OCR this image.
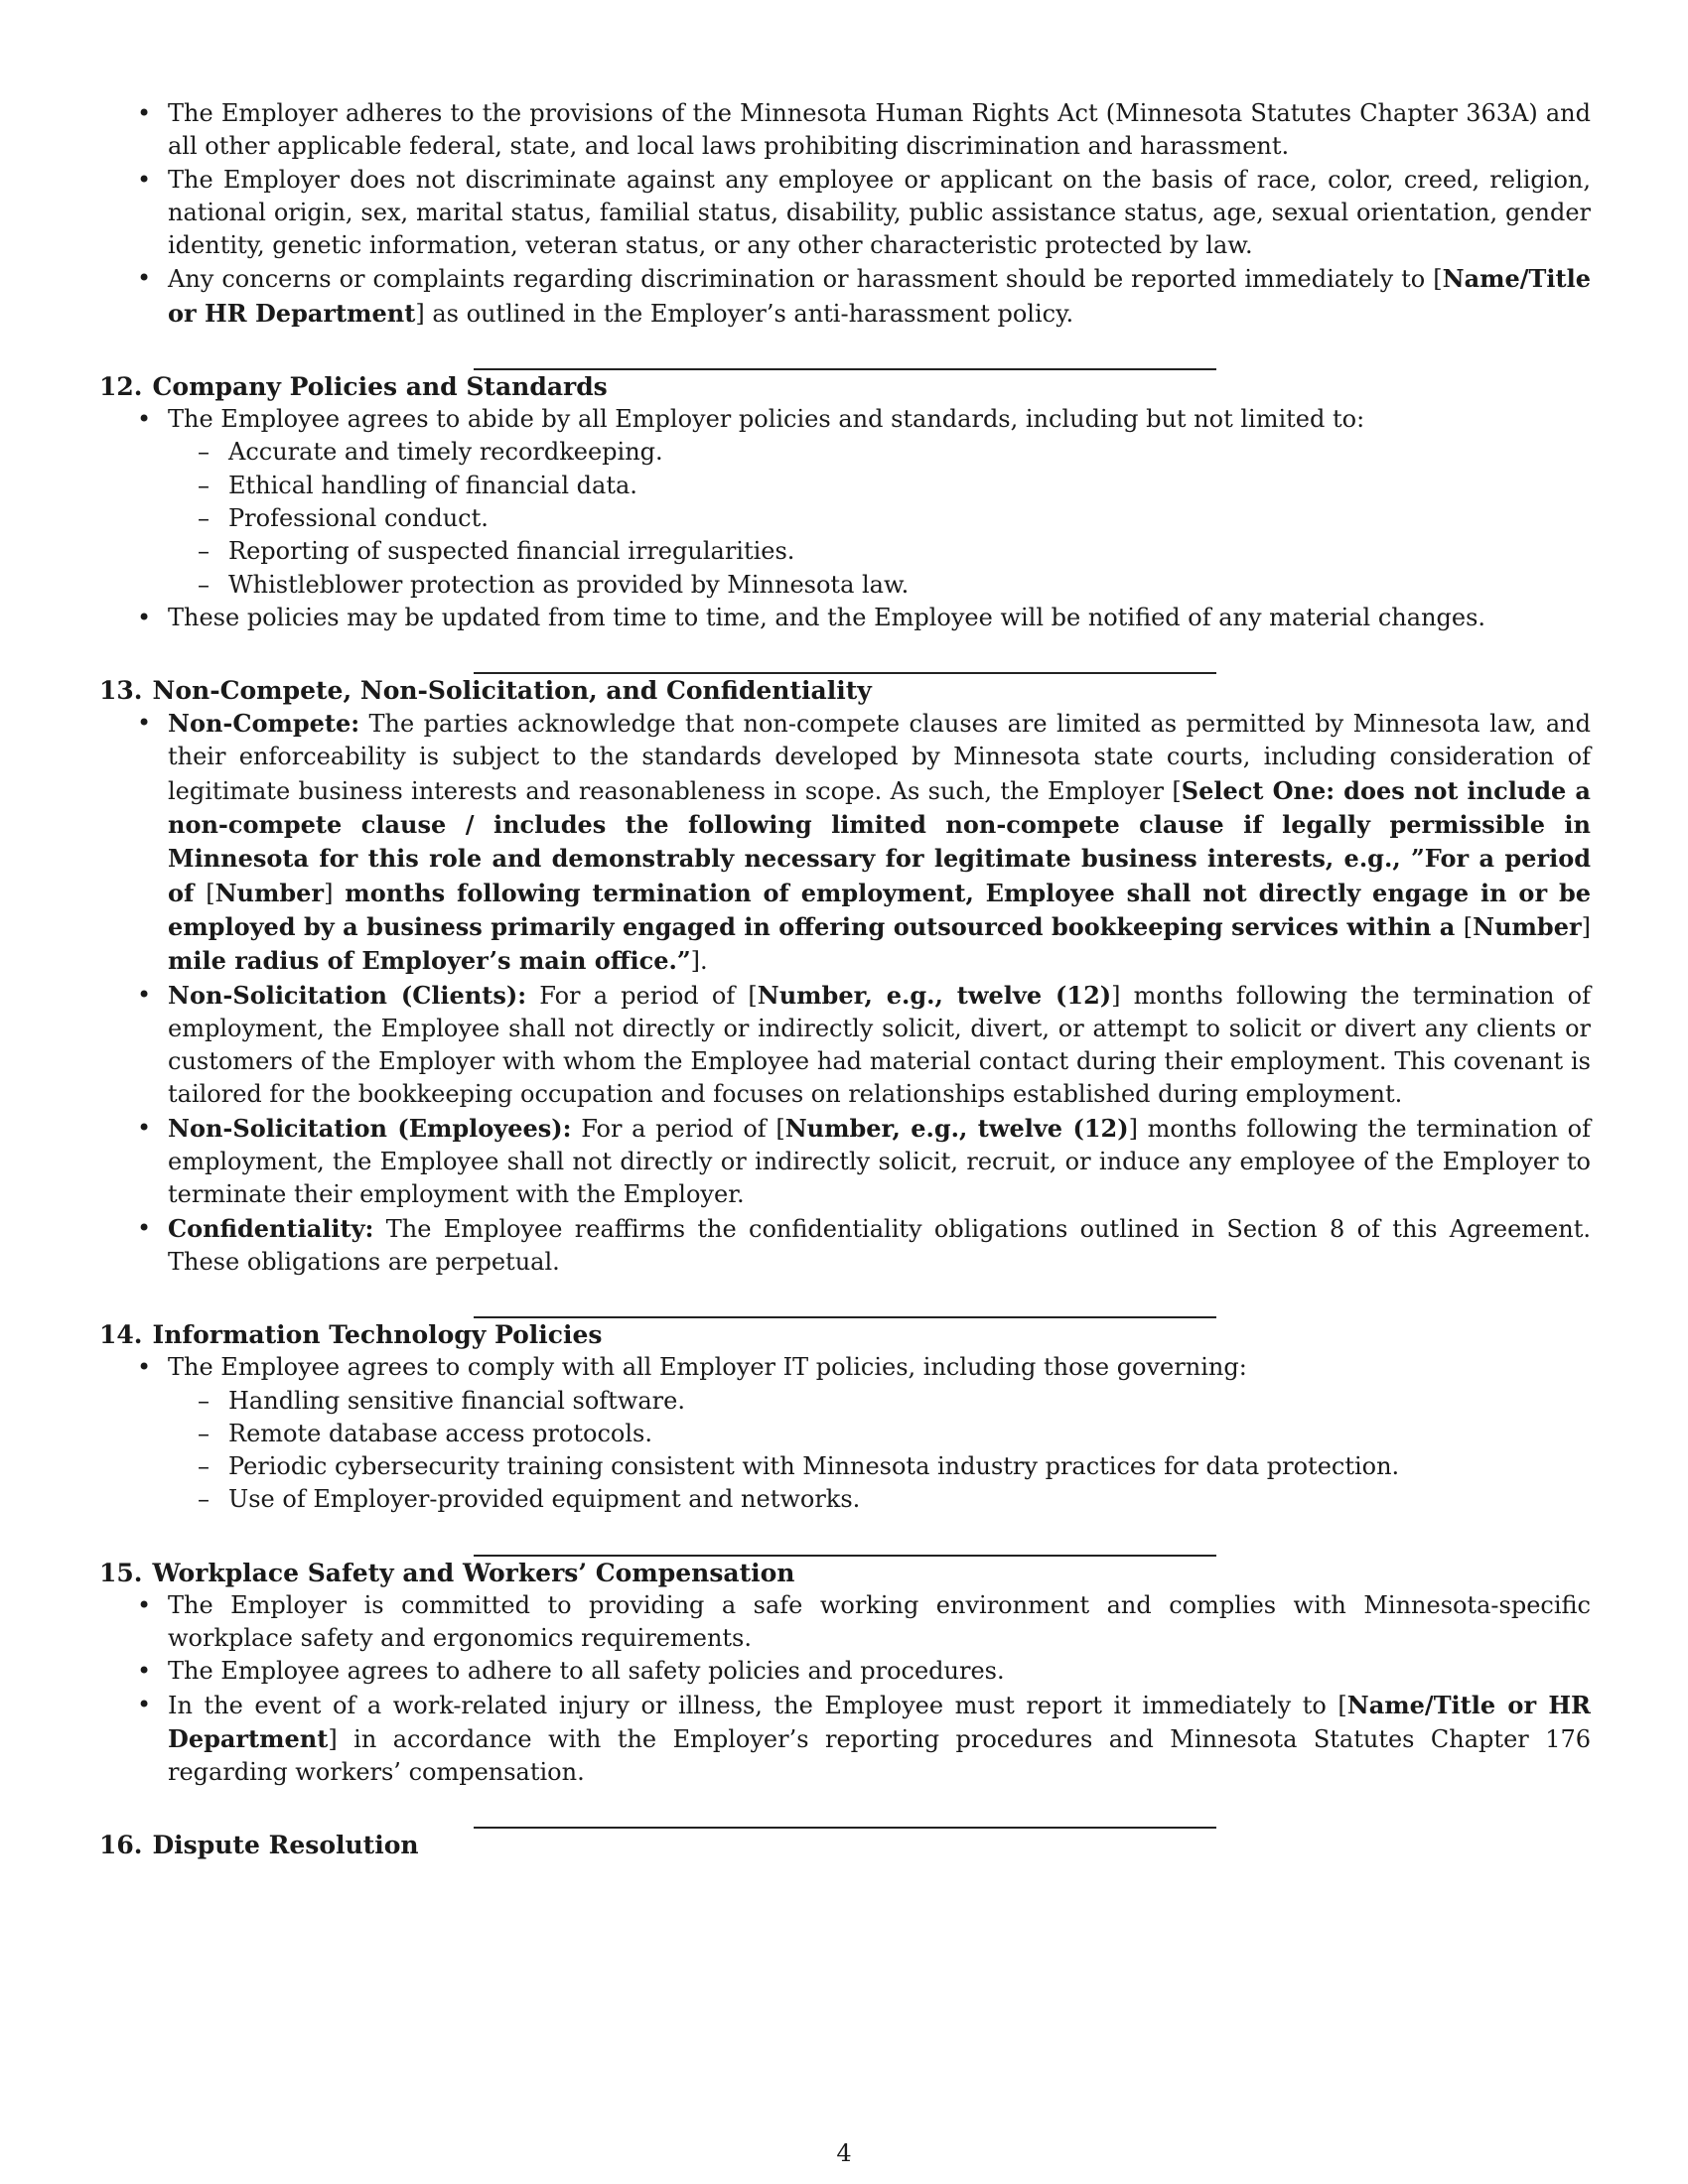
• The Employer adheres to the provisions of the Minnesota Human Rights Act (Minnesota Statutes Chapter 363A) and all other applicable federal, state, and local laws prohibiting discrimination and harassment.
• The Employer does not discriminate against any employee or applicant on the basis of race, color, creed, religion, national origin, sex, marital status, familial status, disability, public assistance status, age, sexual orientation, gender identity, genetic information, veteran status, or any other characteristic protected by law.
• Any concerns or complaints regarding discrimination or harassment should be reported immediately to [Name/Title or HR Department] as outlined in the Employer’s anti-harassment policy.
12. Company Policies and Standards
• The Employee agrees to abide by all Employer policies and standards, including but not limited to:
– Accurate and timely recordkeeping.
– Ethical handling of financial data.
– Professional conduct.
– Reporting of suspected financial irregularities.
– Whistleblower protection as provided by Minnesota law.
• These policies may be updated from time to time, and the Employee will be notified of any material changes.
13. Non-Compete, Non-Solicitation, and Confidentiality
• Non-Compete: The parties acknowledge that non-compete clauses are limited as permitted by Minnesota law, and their enforceability is subject to the standards developed by Minnesota state courts, including consideration of legitimate business interests and reasonableness in scope. As such, the Employer [Select One: does not include a non-compete clause / includes the following limited non-compete clause if legally permissible in Minnesota for this role and demonstrably necessary for legitimate business interests, e.g., ”For a period of [Number] months following termination of employment, Employee shall not directly engage in or be employed by a business primarily engaged in offering outsourced bookkeeping services within a [Number] mile radius of Employer’s main office.”].
• Non-Solicitation (Clients): For a period of [Number, e.g., twelve (12)] months following the termination of employment, the Employee shall not directly or indirectly solicit, divert, or attempt to solicit or divert any clients or customers of the Employer with whom the Employee had material contact during their employment. This covenant is tailored for the bookkeeping occupation and focuses on relationships established during employment.
• Non-Solicitation (Employees): For a period of [Number, e.g., twelve (12)] months following the termination of employment, the Employee shall not directly or indirectly solicit, recruit, or induce any employee of the Employer to terminate their employment with the Employer.
• Confidentiality: The Employee reaffirms the confidentiality obligations outlined in Section 8 of this Agreement. These obligations are perpetual.
14. Information Technology Policies
• The Employee agrees to comply with all Employer IT policies, including those governing:
– Handling sensitive financial software.
– Remote database access protocols.
– Periodic cybersecurity training consistent with Minnesota industry practices for data protection.
– Use of Employer-provided equipment and networks.
15. Workplace Safety and Workers’ Compensation
• The Employer is committed to providing a safe working environment and complies with Minnesota-specific workplace safety and ergonomics requirements.
• The Employee agrees to adhere to all safety policies and procedures.
• In the event of a work-related injury or illness, the Employee must report it immediately to [Name/Title or HR Department] in accordance with the Employer’s reporting procedures and Minnesota Statutes Chapter 176 regarding workers’ compensation.
16. Dispute Resolution
4
